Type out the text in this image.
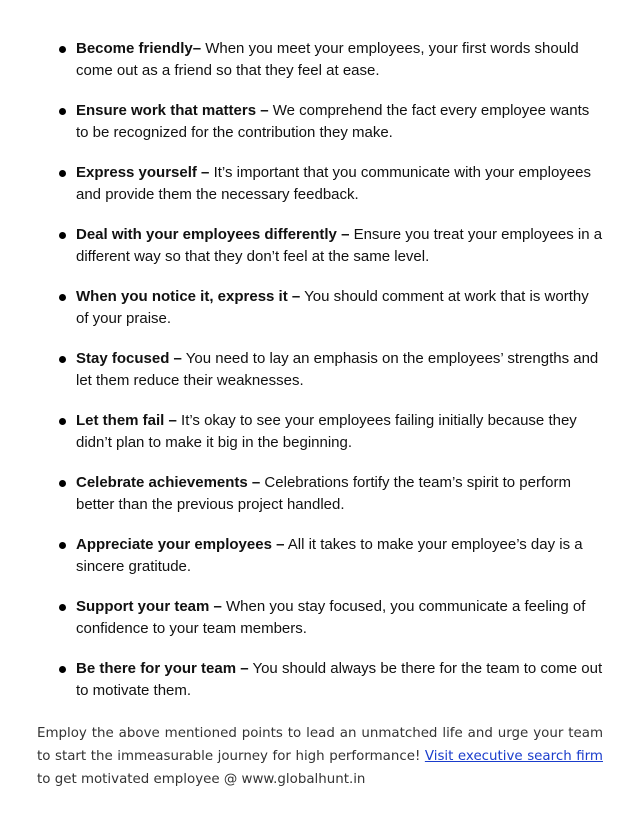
Become friendly– When you meet your employees, your first words should come out as a friend so that they feel at ease.
Ensure work that matters – We comprehend the fact every employee wants to be recognized for the contribution they make.
Express yourself – It’s important that you communicate with your employees and provide them the necessary feedback.
Deal with your employees differently – Ensure you treat your employees in a different way so that they don’t feel at the same level.
When you notice it, express it – You should comment at work that is worthy of your praise.
Stay focused – You need to lay an emphasis on the employees’ strengths and let them reduce their weaknesses.
Let them fail – It’s okay to see your employees failing initially because they didn’t plan to make it big in the beginning.
Celebrate achievements – Celebrations fortify the team’s spirit to perform better than the previous project handled.
Appreciate your employees – All it takes to make your employee’s day is a sincere gratitude.
Support your team – When you stay focused, you communicate a feeling of confidence to your team members.
Be there for your team – You should always be there for the team to come out to motivate them.

Employ the above mentioned points to lead an unmatched life and urge your team to start the immeasurable journey for high performance! Visit executive search firm to get motivated employee @ www.globalhunt.in
